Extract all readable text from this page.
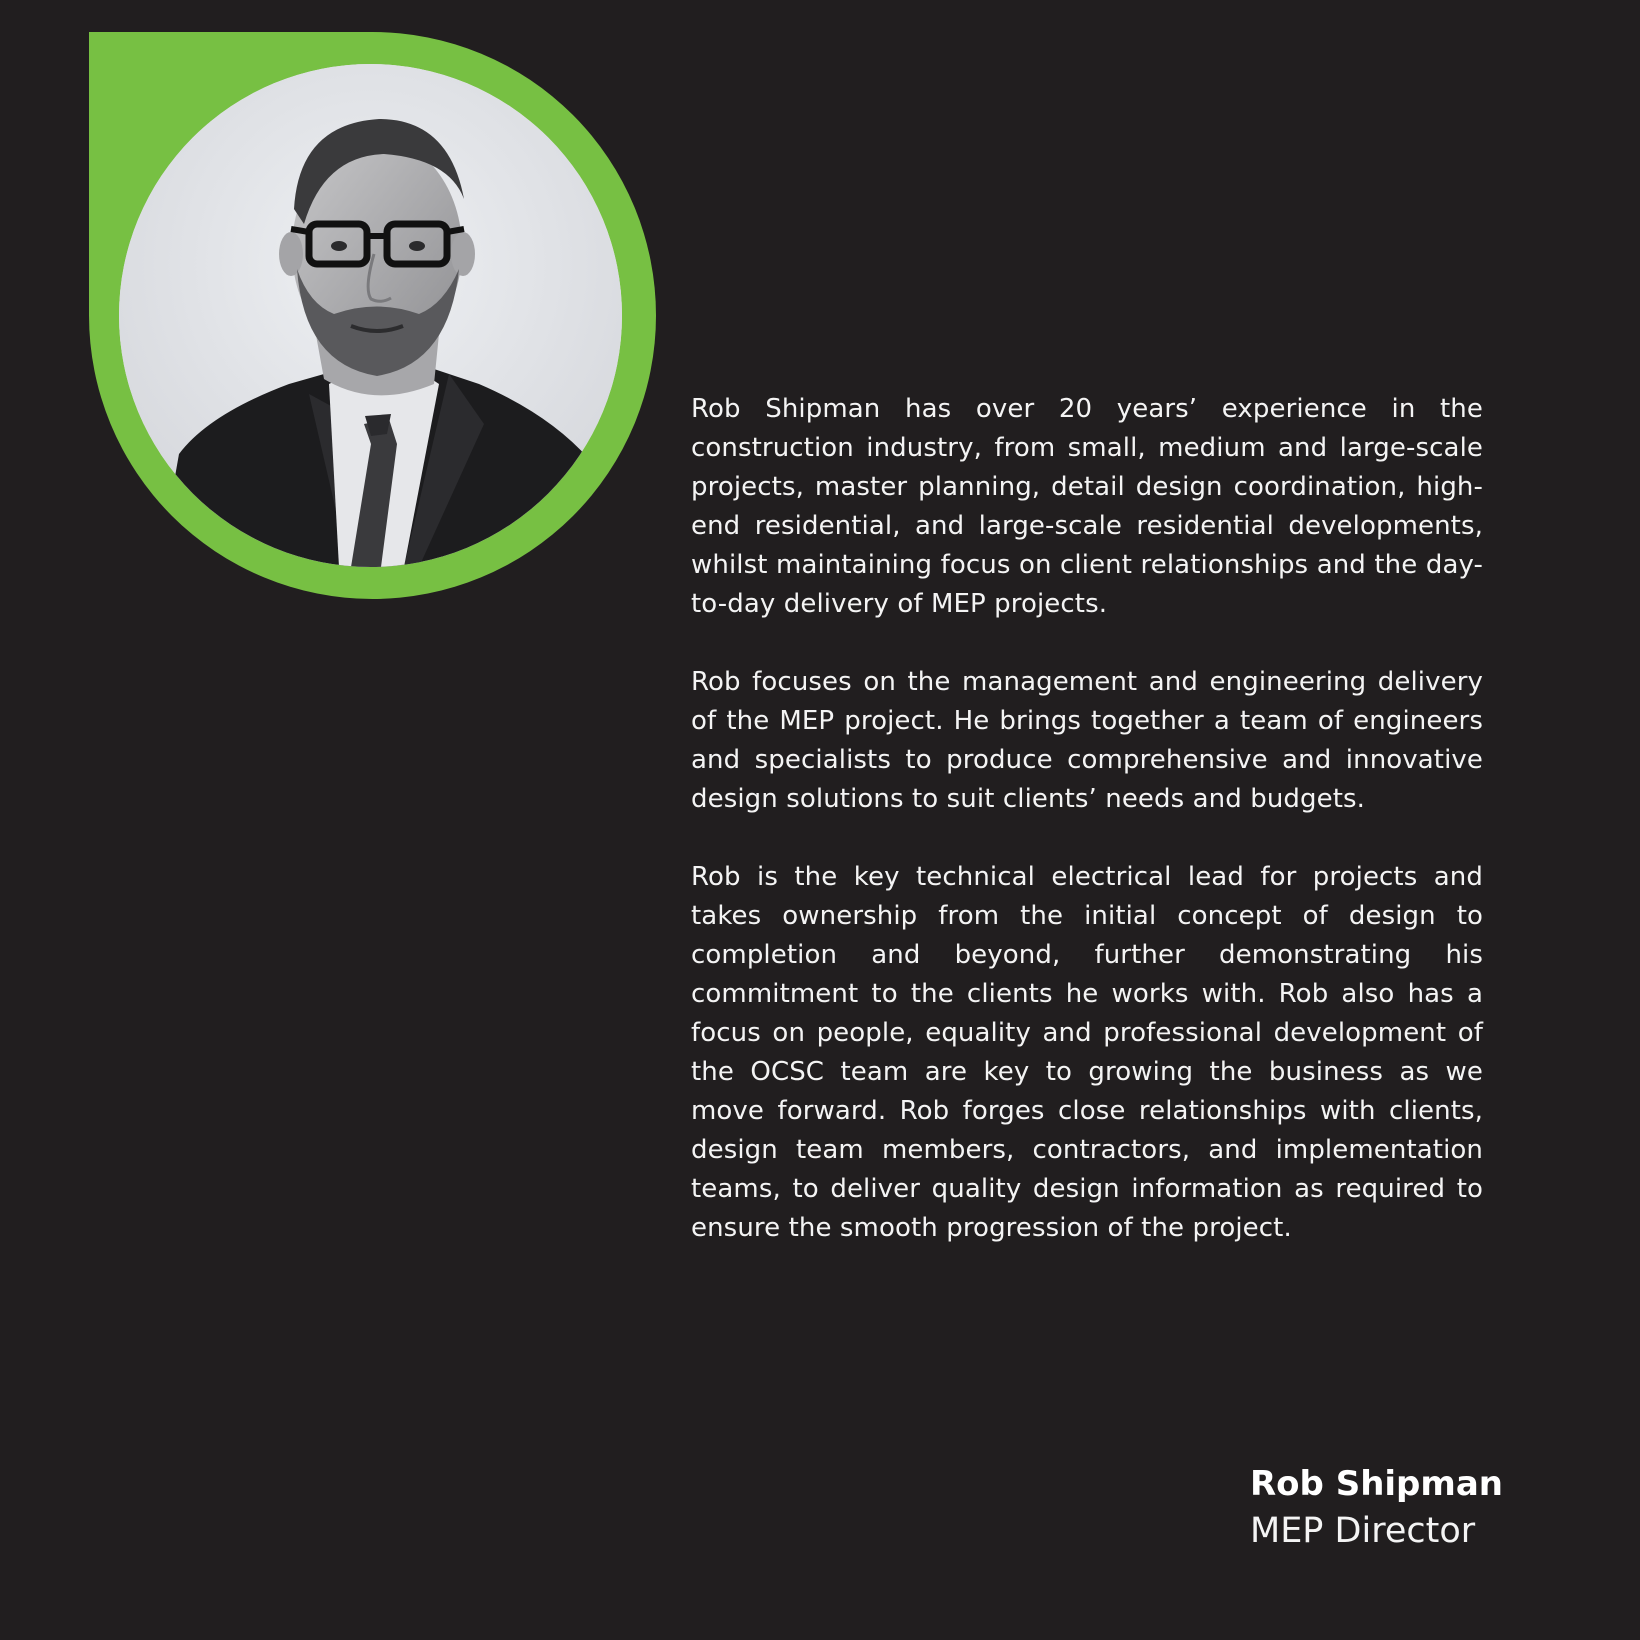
Rob Shipman has over 20 years’ experience in the construction industry, from small, medium and large-scale projects, master planning, detail design coordination, high-end residential, and large-scale residential developments, whilst maintaining focus on client relationships and the day-to-day delivery of MEP projects.

Rob focuses on the management and engineering delivery of the MEP project. He brings together a team of engineers and specialists to produce comprehensive and innovative design solutions to suit clients’ needs and budgets.

Rob is the key technical electrical lead for projects and takes ownership from the initial concept of design to completion and beyond, further demonstrating his commitment to the clients he works with. Rob also has a focus on people, equality and professional development of the OCSC team are key to growing the business as we move forward. Rob forges close relationships with clients, design team members, contractors, and implementation teams, to deliver quality design information as required to ensure the smooth progression of the project.

Rob Shipman
MEP Director
